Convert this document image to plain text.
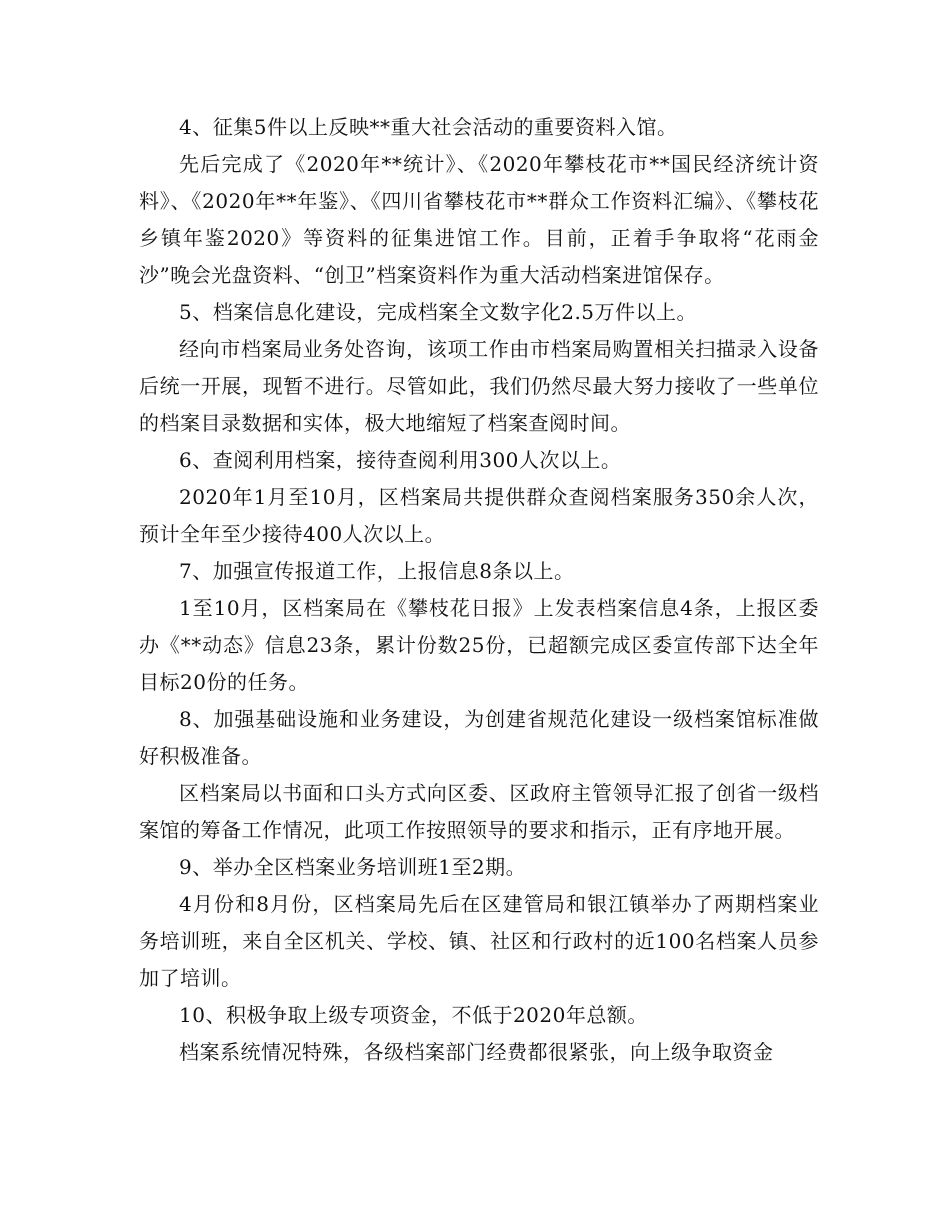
4、征集5件以上反映**重大社会活动的重要资料入馆。

先后完成了《2020年**统计》、《2020年攀枝花市**国民经济统计资料》、《2020年**年鉴》、《四川省攀枝花市**群众工作资料汇编》、《攀枝花乡镇年鉴2020》等资料的征集进馆工作。目前，正着手争取将“花雨金沙”晚会光盘资料、“创卫”档案资料作为重大活动档案进馆保存。

5、档案信息化建设，完成档案全文数字化2.5万件以上。

经向市档案局业务处咨询，该项工作由市档案局购置相关扫描录入设备后统一开展，现暂不进行。尽管如此，我们仍然尽最大努力接收了一些单位的档案目录数据和实体，极大地缩短了档案查阅时间。

6、查阅利用档案，接待查阅利用300人次以上。

2020年1月至10月，区档案局共提供群众查阅档案服务350余人次，预计全年至少接待400人次以上。

7、加强宣传报道工作，上报信息8条以上。

1至10月，区档案局在《攀枝花日报》上发表档案信息4条，上报区委办《**动态》信息23条，累计份数25份，已超额完成区委宣传部下达全年目标20份的任务。

8、加强基础设施和业务建设，为创建省规范化建设一级档案馆标准做好积极准备。

区档案局以书面和口头方式向区委、区政府主管领导汇报了创省一级档案馆的筹备工作情况，此项工作按照领导的要求和指示，正有序地开展。

9、举办全区档案业务培训班1至2期。

4月份和8月份，区档案局先后在区建管局和银江镇举办了两期档案业务培训班，来自全区机关、学校、镇、社区和行政村的近100名档案人员参加了培训。

10、积极争取上级专项资金，不低于2020年总额。

档案系统情况特殊，各级档案部门经费都很紧张，向上级争取资金
